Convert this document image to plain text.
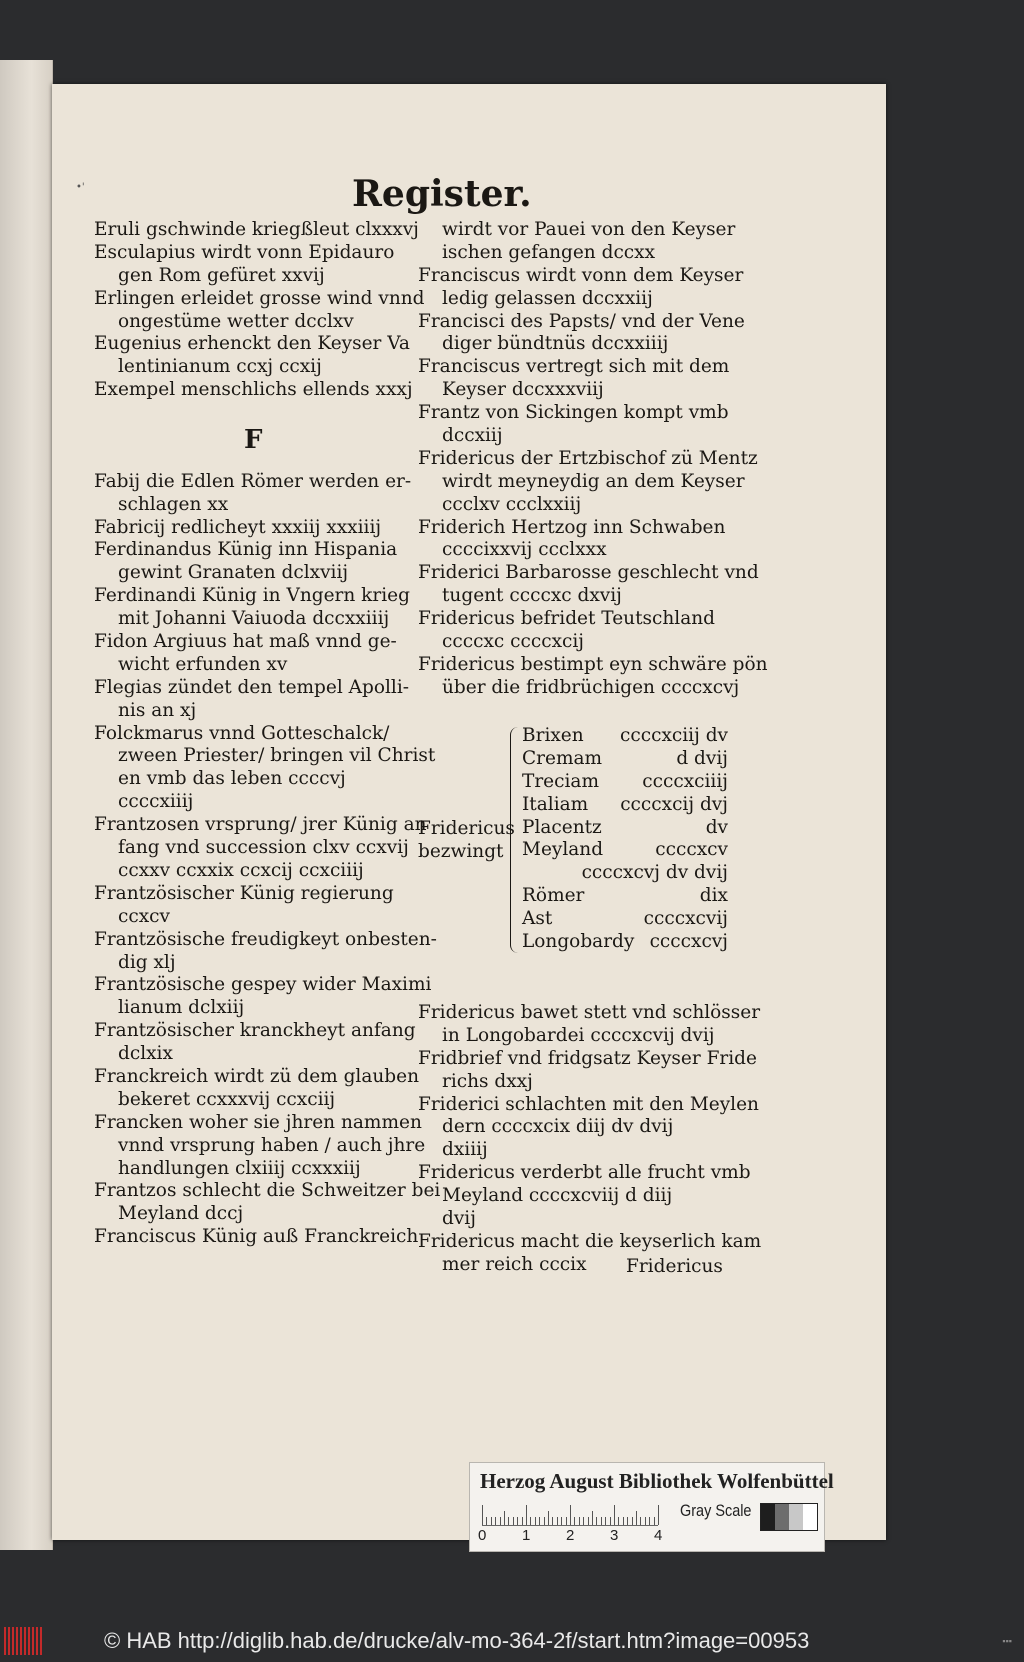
•'	Register.
Eruli gschwinde kriegßleut clxxxvj
Esculapius wirdt vonn Epidauro
gen Rom gefüret xxvij
Erlingen erleidet grosse wind vnnd
ongestüme wetter dcclxv
Eugenius erhenckt den Keyser Va
lentinianum ccxj ccxij
Exempel menschlichs ellends xxxj
Fabij die Edlen Römer werden er-
schlagen xx
Fabricij redlicheyt xxxiij xxxiiij
Ferdinandus Künig inn Hispania
gewint Granaten dclxviij
Ferdinandi Künig in Vngern krieg
mit Johanni Vaiuoda dccxxiiij
Fidon Argiuus hat maß vnnd ge-
wicht erfunden xv
Flegias zündet den tempel Apolli-
nis an xj
Folckmarus vnnd Gotteschalck/
zween Priester/ bringen vil Christ
en vmb das leben ccccvj
ccccxiiij
Frantzosen vrsprung/ jrer Künig an
fang vnd succession clxv ccxvij
ccxxv ccxxix ccxcij ccxciiij
Frantzösischer Künig regierung
ccxcv
Frantzösische freudigkeyt onbesten-
dig xlj
Frantzösische gespey wider Maximi
lianum dclxiij
Frantzösischer kranckheyt anfang
dclxix
Franckreich wirdt zü dem glauben
bekeret ccxxxvij ccxciij
Francken woher sie jhren nammen
vnnd vrsprung haben / auch jhre
handlungen clxiiij ccxxxiij
Frantzos schlecht die Schweitzer bei
Meyland dccj
Franciscus Künig auß Franckreich
F
wirdt vor Pauei von den Keyser
ischen gefangen dccxx
Franciscus wirdt vonn dem Keyser
ledig gelassen dccxxiij
Francisci des Papsts/ vnd der Vene
diger bündtnüs dccxxiiij
Franciscus vertregt sich mit dem
Keyser dccxxxviij
Frantz von Sickingen kompt vmb
dccxiij
Fridericus der Ertzbischof zü Mentz
wirdt meyneydig an dem Keyser
ccclxv ccclxxiij
Friderich Hertzog inn Schwaben
ccccixxvij ccclxxx
Friderici Barbarosse geschlecht vnd
tugent ccccxc dxvij
Fridericus befridet Teutschland
ccccxc ccccxcij
Fridericus bestimpt eyn schwäre pön
über die fridbrüchigen ccccxcvj
Fridericus
bezwingt
Brixen ccccxciij dv
Cremam	d dvij
Treciam ccccxciiij
Italiam ccccxcij dvj
Placentz	dv
Meyland	ccccxcv
ccccxcvj dv dvij
Römer	dix
Ast	ccccxcvij
Longobardy ccccxcvj
Fridericus bawet stett vnd schlösser
in Longobardei ccccxcvij dvij
Fridbrief vnd fridgsatz Keyser Fride
richs dxxj
Friderici schlachten mit den Meylen
dern ccccxcix diij dv dvij
dxiiij
Fridericus verderbt alle frucht vmb
Meyland ccccxcviij d diij
dvij
Fridericus macht die keyserlich kam
mer reich cccix	Fridericus
Herzog August Bibliothek Wolfenbüttel
0 1 2 3 4
Gray Scale
© HAB http://diglib.hab.de/drucke/alv-mo-364-2f/start.htm?image=00953	▪▪▪
